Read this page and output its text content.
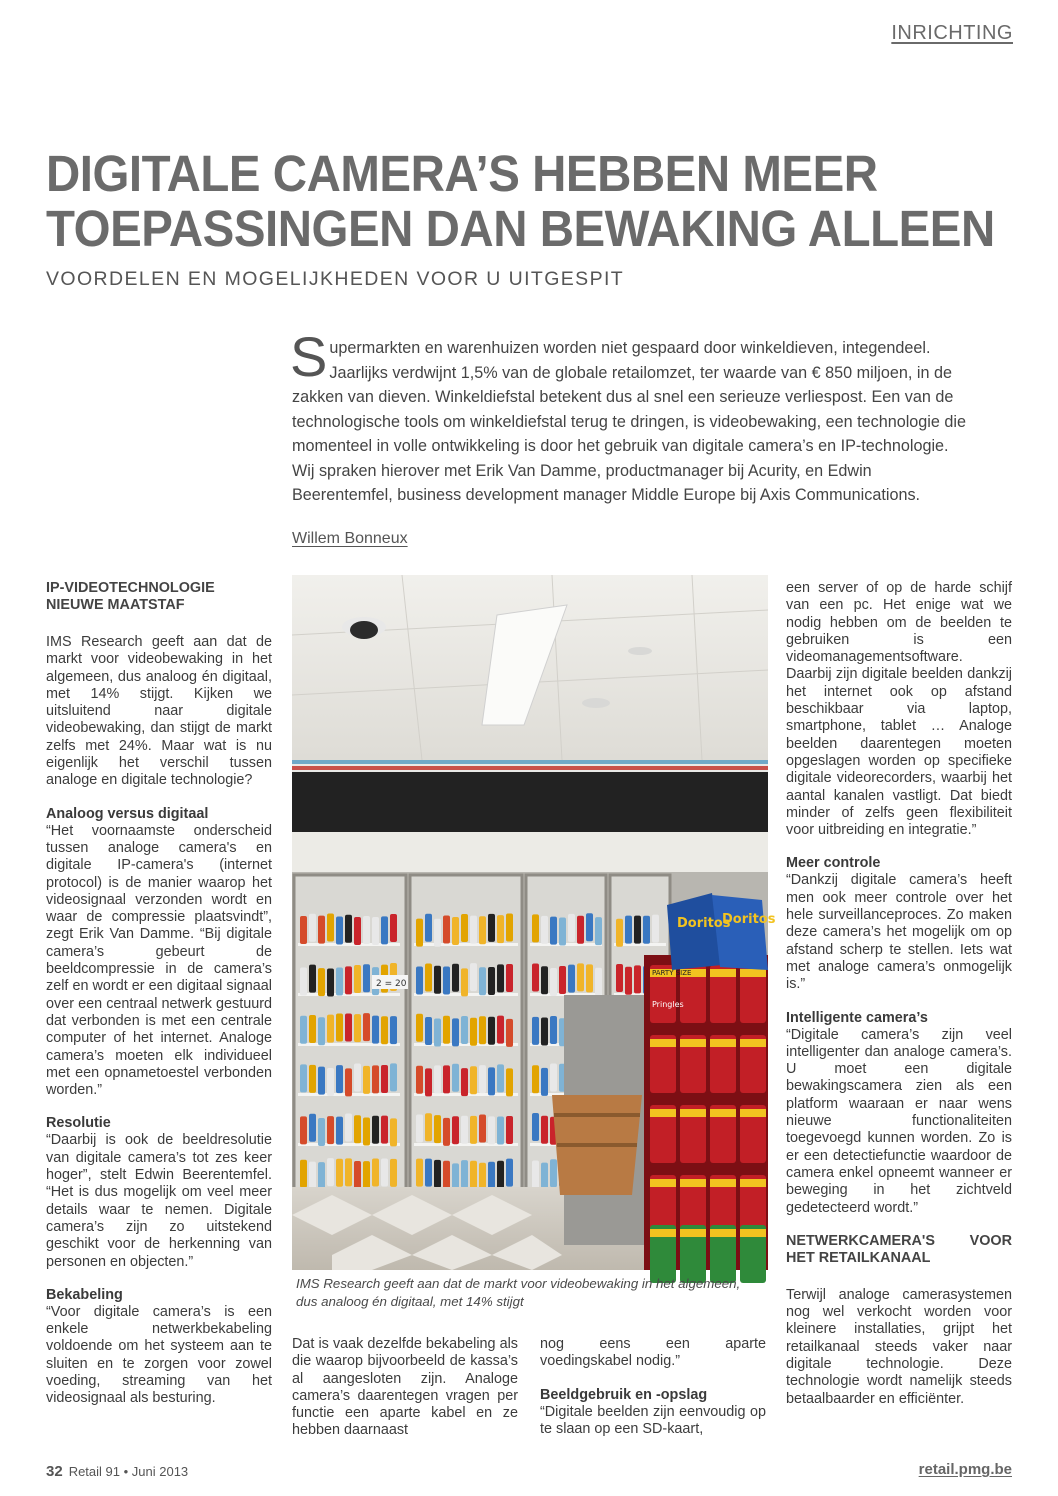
INRICHTING
DIGITALE CAMERA’S HEBBEN MEER
TOEPASSINGEN DAN BEWAKING ALLEEN
VOORDELEN EN MOGELIJKHEDEN VOOR U UITGESPIT

Supermarkten en warenhuizen worden niet gespaard door winkeldieven, integendeel. Jaarlijks verdwijnt 1,5% van de globale retailomzet, ter waarde van € 850 miljoen, in de zakken van dieven. Winkeldiefstal betekent dus al snel een serieuze verliespost. Een van de technologische tools om winkeldiefstal terug te dringen, is videobewaking, een technologie die momenteel in volle ontwikkeling is door het gebruik van digitale camera’s en IP-technologie. Wij spraken hierover met Erik Van Damme, productmanager bij Acurity, en Edwin Beerentemfel, business development manager Middle Europe bij Axis Communications.

Willem Bonneux
IP-VIDEOTECHNOLOGIE NIEUWE MAATSTAF

IMS Research geeft aan dat de markt voor videobewaking in het algemeen, dus analoog én digitaal, met 14% stijgt. Kijken we uitsluitend naar digitale videobewaking, dan stijgt de markt zelfs met 24%. Maar wat is nu eigenlijk het verschil tussen analoge en digitale technologie?

Analoog versus digitaal

“Het voornaamste onderscheid tussen analoge camera's en digitale IP-camera's (internet protocol) is de manier waarop het videosignaal verzonden wordt en waar de compressie plaatsvindt”, zegt Erik Van Damme. “Bij digitale camera’s gebeurt de beeldcompressie in de camera’s zelf en wordt er een digitaal signaal over een centraal netwerk gestuurd dat verbonden is met een centrale computer of het internet. Analoge camera’s moeten elk individueel met een opnametoestel verbonden worden.”

Resolutie

“Daarbij is ook de beeldresolutie van digitale camera’s tot zes keer hoger”, stelt Edwin Beerentemfel. “Het is dus mogelijk om veel meer details waar te nemen. Digitale camera’s zijn zo uitstekend geschikt voor de herkenning van personen en objecten.”

Bekabeling

“Voor digitale camera’s is een enkele netwerkbekabeling voldoende om het systeem aan te sluiten en te zorgen voor zowel voeding, streaming van het videosignaal als besturing.

PARTY SIZE
Pringles
Doritos
Doritos
2 = 20
IMS Research geeft aan dat de markt voor videobewaking in het algemeen,
dus analoog én digitaal, met 14% stijgt

Dat is vaak dezelfde bekabeling als die waarop bijvoorbeeld de kassa’s al aangesloten zijn. Analoge camera’s daarentegen vragen per functie een aparte kabel en ze hebben daarnaast

nog eens een aparte voedingskabel nodig.”

Beeldgebruik en -opslag

“Digitale beelden zijn eenvoudig op te slaan op een SD-kaart,

een server of op de harde schijf van een pc. Het enige wat we nodig hebben om de beelden te gebruiken is een videomanagementsoftware. Daarbij zijn digitale beelden dankzij het internet ook op afstand beschikbaar via laptop, smartphone, tablet … Analoge beelden daarentegen moeten opgeslagen worden op specifieke digitale videorecorders, waarbij het aantal kanalen vastligt. Dat biedt minder of zelfs geen flexibiliteit voor uitbreiding en integratie.”

Meer controle

“Dankzij digitale camera’s heeft men ook meer controle over het hele surveillanceproces. Zo maken deze camera’s het mogelijk om op afstand scherp te stellen. Iets wat met analoge camera’s onmogelijk is.”

Intelligente camera’s

“Digitale camera’s zijn veel intelligenter dan analoge camera’s. U moet een digitale bewakingscamera zien als een platform waaraan er naar wens nieuwe functionaliteiten toegevoegd kunnen worden. Zo is er een detectiefunctie waardoor de camera enkel opneemt wanneer er beweging in het zichtveld gedetecteerd wordt.”

NETWERKCAMERA'S VOOR HET RETAILKANAAL

Terwijl analoge camerasystemen nog wel verkocht worden voor kleinere installaties, grijpt het retailkanaal steeds vaker naar digitale technologie. Deze technologie wordt namelijk steeds betaalbaarder en efficiënter.

32 Retail 91 • Juni 2013	retail.pmg.be
